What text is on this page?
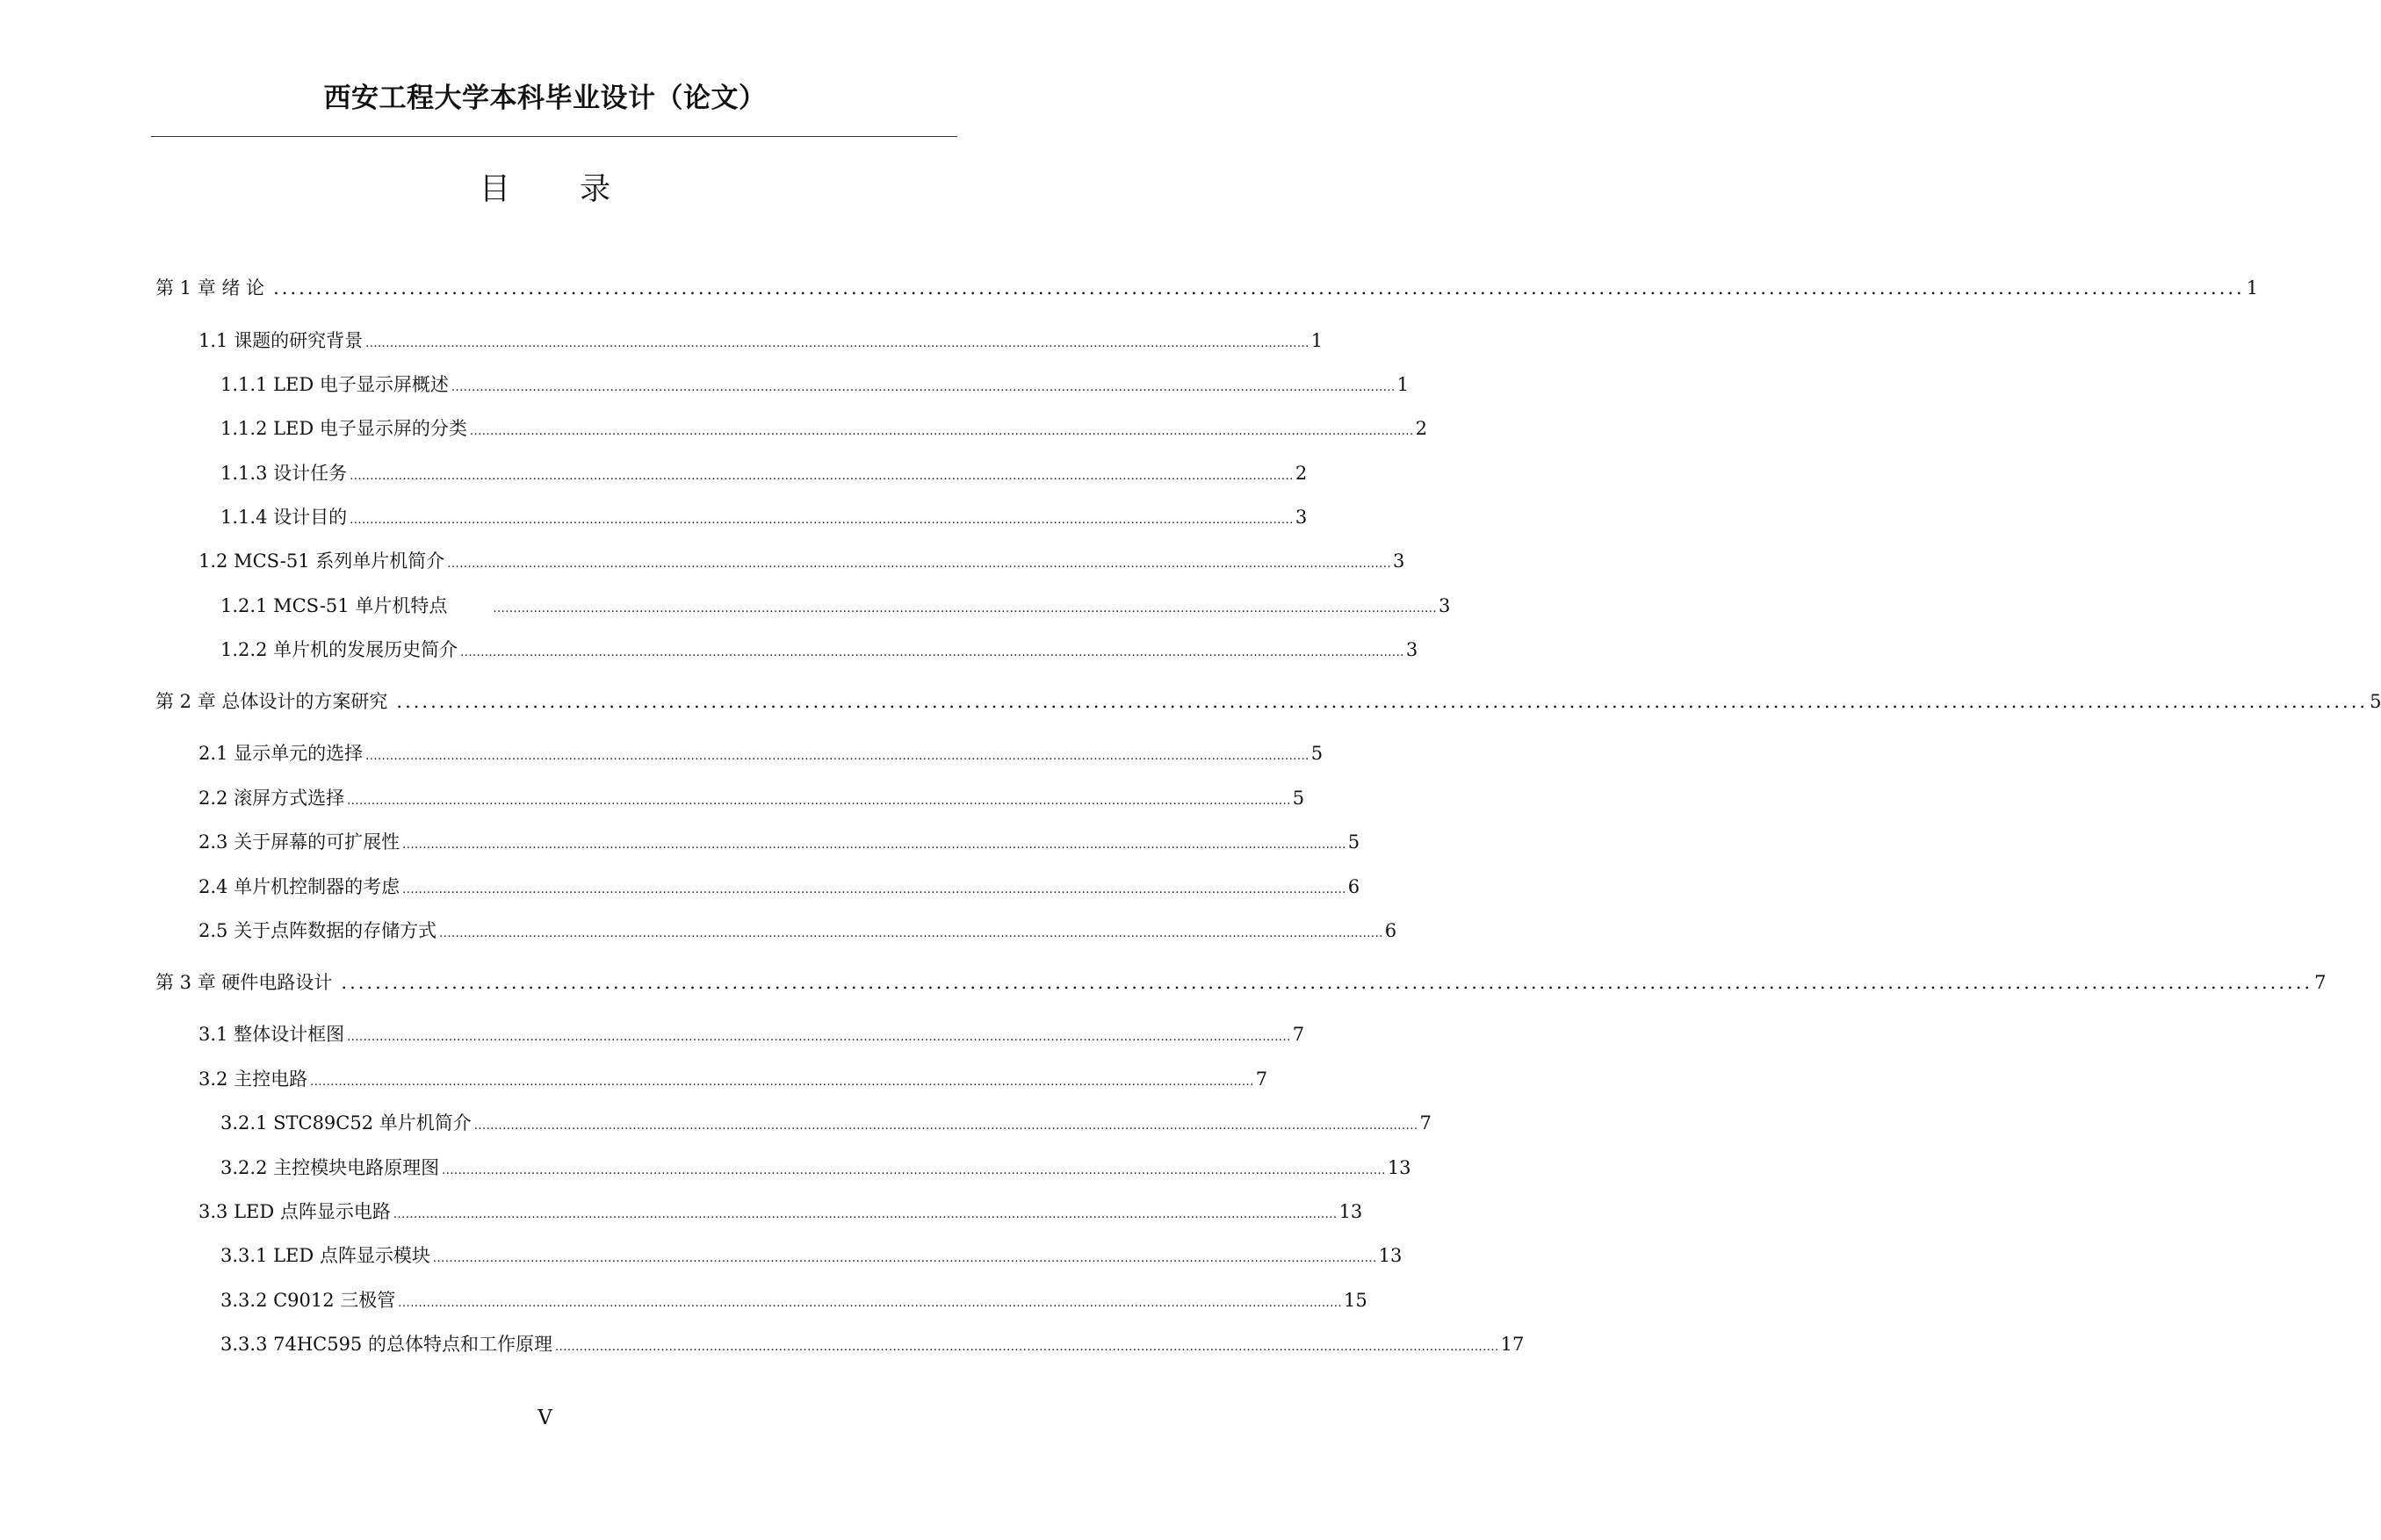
西安工程大学本科毕业设计（论文）
目 录
第 1 章 绪 论 ........................................................................................................................................................................................................................................ 1
1.1 课题的研究背景 ........................................................................................................................................................................................................................................ 1
1.1.1 LED 电子显示屏概述 ........................................................................................................................................................................................................................................ 1
1.1.2 LED 电子显示屏的分类 ........................................................................................................................................................................................................................................ 2
1.1.3 设计任务 ........................................................................................................................................................................................................................................ 2
1.1.4 设计目的 ........................................................................................................................................................................................................................................ 3
1.2 MCS-51 系列单片机简介 ........................................................................................................................................................................................................................................ 3
1.2.1 MCS-51 单片机特点	........................................................................................................................................................................................................................................ 3
1.2.2 单片机的发展历史简介 ........................................................................................................................................................................................................................................ 3
第 2 章 总体设计的方案研究 ........................................................................................................................................................................................................................................ 5
2.1 显示单元的选择 ........................................................................................................................................................................................................................................ 5
2.2 滚屏方式选择 ........................................................................................................................................................................................................................................ 5
2.3 关于屏幕的可扩展性 ........................................................................................................................................................................................................................................ 5
2.4 单片机控制器的考虑 ........................................................................................................................................................................................................................................ 6
2.5 关于点阵数据的存储方式 ........................................................................................................................................................................................................................................ 6
第 3 章 硬件电路设计 ........................................................................................................................................................................................................................................ 7
3.1 整体设计框图 ........................................................................................................................................................................................................................................ 7
3.2 主控电路 ........................................................................................................................................................................................................................................ 7
3.2.1 STC89C52 单片机简介 ........................................................................................................................................................................................................................................ 7
3.2.2 主控模块电路原理图 ........................................................................................................................................................................................................................................ 13
3.3 LED 点阵显示电路 ........................................................................................................................................................................................................................................ 13
3.3.1 LED 点阵显示模块 ........................................................................................................................................................................................................................................ 13
3.3.2 C9012 三极管 ........................................................................................................................................................................................................................................ 15
3.3.3 74HC595 的总体特点和工作原理 ........................................................................................................................................................................................................................................ 17
V
